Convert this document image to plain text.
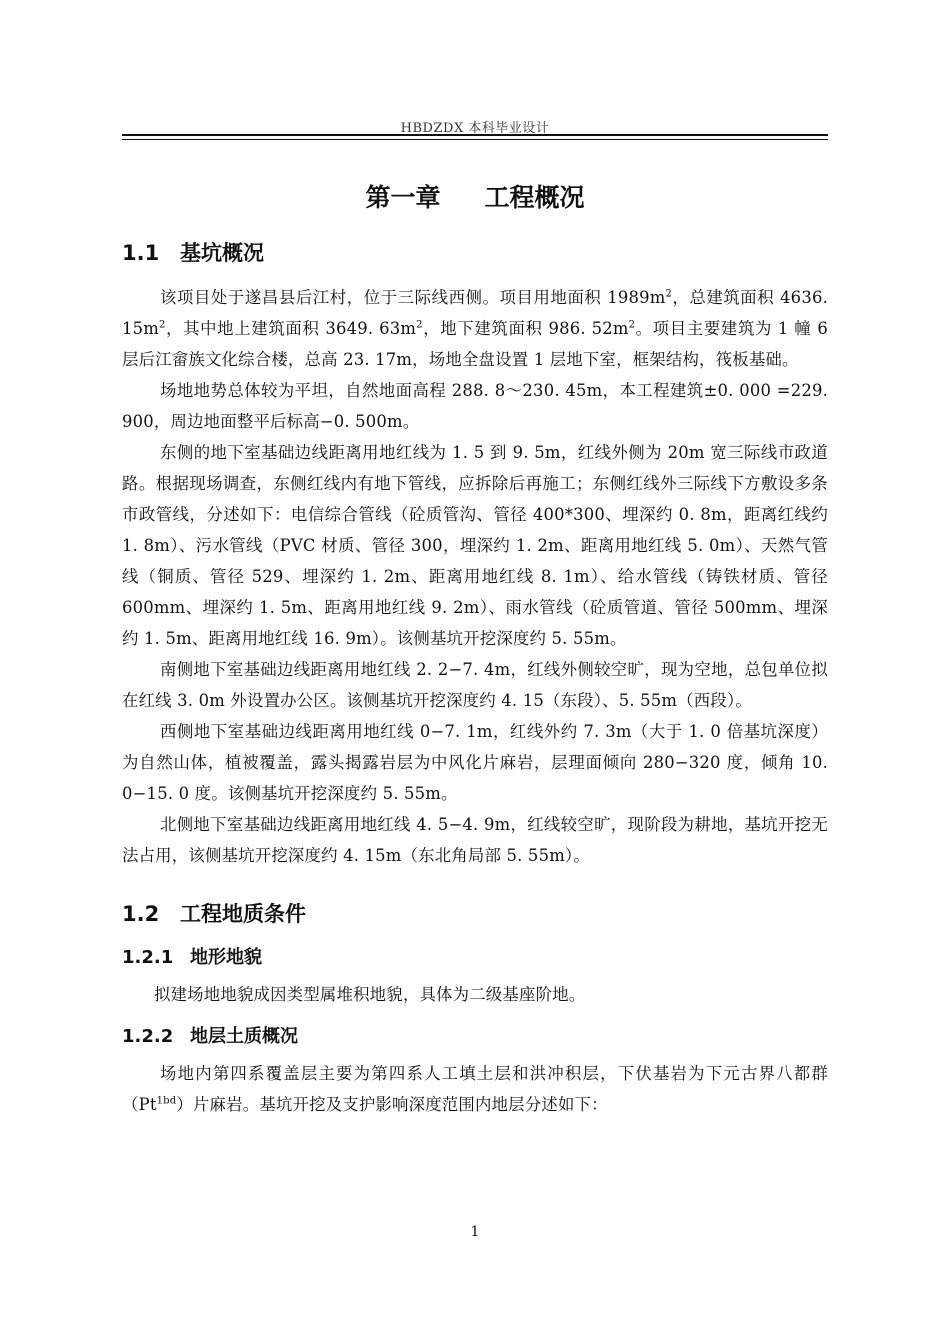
HBDZDX 本科毕业设计
第一章 工程概况
1.1 基坑概况

该项目处于遂昌县后江村，位于三际线西侧。项目用地面积 $1989m^2$，总建筑面积 4636. $15m^2$，其中地上建筑面积 3649. $63m^2$，地下建筑面积 986. $52m^2$。项目主要建筑为 1 幢 6 层后江畲族文化综合楼，总高 23. 17m，场地全盘设置 1 层地下室，框架结构，筏板基础。

场地地势总体较为平坦，自然地面高程 288. 8～230. 45m，本工程建筑±0. 000 =229. 900，周边地面整平后标高−0. 500m。

东侧的地下室基础边线距离用地红线为 1. 5 到 9. 5m，红线外侧为 20m 宽三际线市政道路。根据现场调查，东侧红线内有地下管线，应拆除后再施工；东侧红线外三际线下方敷设多条市政管线，分述如下：电信综合管线（砼质管沟、管径 400*300、埋深约 0. 8m，距离红线约 1. 8m）、污水管线（PVC 材质、管径 300，埋深约 1. 2m、距离用地红线 5. 0m）、天然气管线（铜质、管径 529、埋深约 1. 2m、距离用地红线 8. 1m）、给水管线（铸铁材质、管径 600mm、埋深约 1. 5m、距离用地红线 9. 2m）、雨水管线（砼质管道、管径 500mm、埋深约 1. 5m、距离用地红线 16. 9m）。该侧基坑开挖深度约 5. 55m。

南侧地下室基础边线距离用地红线 2. 2−7. 4m，红线外侧较空旷，现为空地，总包单位拟在红线 3. 0m 外设置办公区。该侧基坑开挖深度约 4. 15（东段）、5. 55m（西段）。

西侧地下室基础边线距离用地红线 0−7. 1m，红线外约 7. 3m（大于 1. 0 倍基坑深度）为自然山体，植被覆盖，露头揭露岩层为中风化片麻岩，层理面倾向 280−320 度，倾角 10. 0−15. 0 度。该侧基坑开挖深度约 5. 55m。

北侧地下室基础边线距离用地红线 4. 5−4. 9m，红线较空旷，现阶段为耕地，基坑开挖无法占用，该侧基坑开挖深度约 4. 15m（东北角局部 5. 55m）。

1.2 工程地质条件
1.2.1 地形地貌

拟建场地地貌成因类型属堆积地貌，具体为二级基座阶地。

1.2.2 地层土质概况

场地内第四系覆盖层主要为第四系人工填土层和洪冲积层，下伏基岩为下元古界八都群$(Pt^{1bd})$片麻岩。基坑开挖及支护影响深度范围内地层分述如下：

1
